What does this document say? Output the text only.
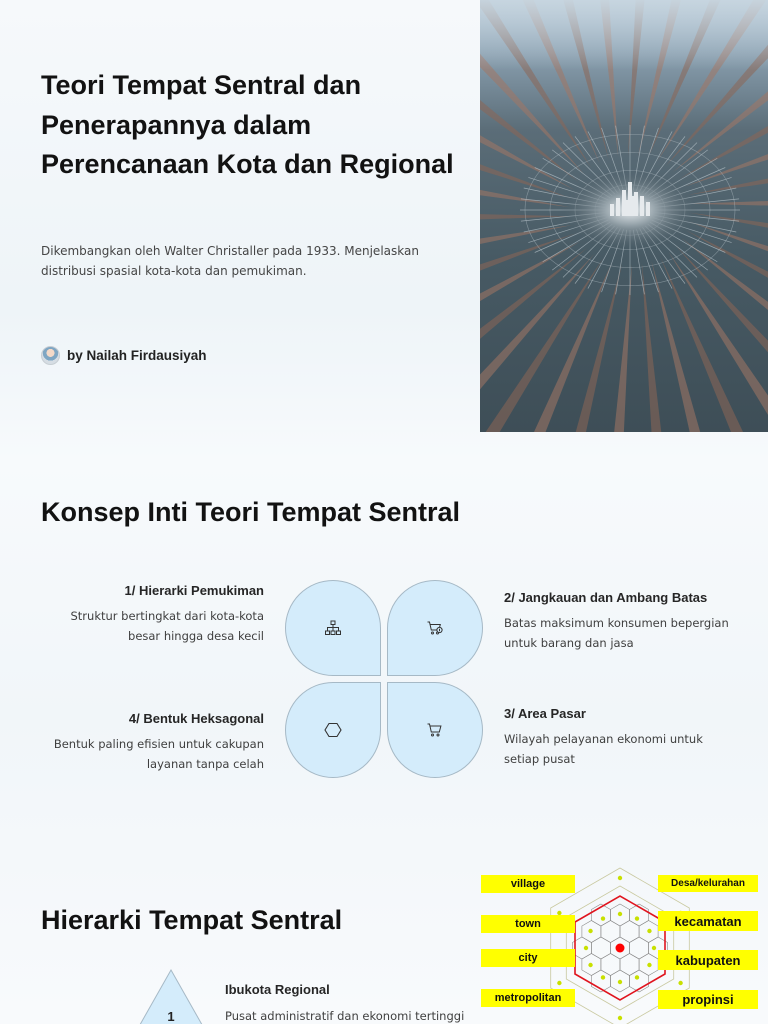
Teori Tempat Sentral dan Penerapannya dalam Perencanaan Kota dan Regional

Dikembangkan oleh Walter Christaller pada 1933. Menjelaskan distribusi spasial kota-kota dan pemukiman.

by Nailah Firdausiyah
Konsep Inti Teori Tempat Sentral
1/ Hierarki Pemukiman
Struktur bertingkat dari kota-kota besar hingga desa kecil
2/ Jangkauan dan Ambang Batas
Batas maksimum konsumen bepergian untuk barang dan jasa
3/ Area Pasar
Wilayah pelayanan ekonomi untuk setiap pusat
4/ Bentuk Heksagonal
Bentuk paling efisien untuk cakupan layanan tanpa celah
Hierarki Tempat Sentral
1
Ibukota Regional
Pusat administratif dan ekonomi tertinggi
village
town
city
metropolitan
Desa/kelurahan
kecamatan
kabupaten
propinsi
